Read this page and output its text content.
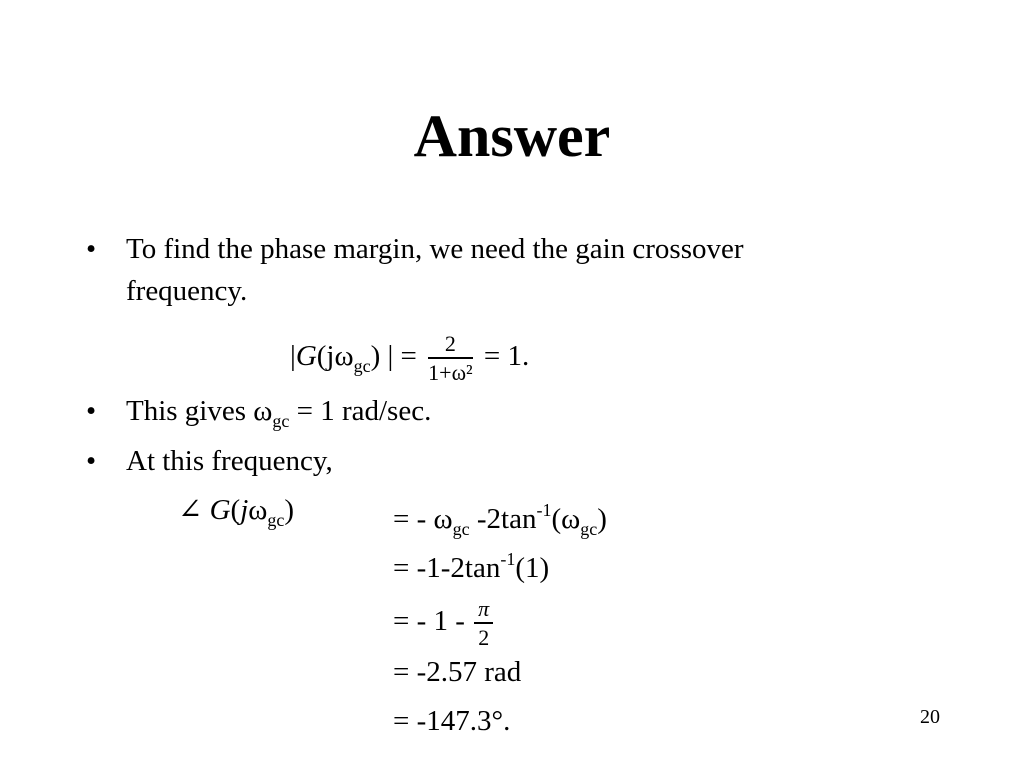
Answer
• To find the phase margin, we need the gain crossover
frequency.
$|G(j\omega_{gc})$ | = $\frac{2}{\text{1+ω²}} = 1$.
• This gives $\omega_{gc} = 1$ rad/sec.
• At this frequency,
∠ $G(j\omega_{gc})$	= - $\omega_{gc}$ $-2\tan^{-1}(\omega_{gc})$
= $-1-2\tan^{-1}(1)$
= - $1 - \frac{\pi}{2}$
= -2.57 rad
= -147.3°.	20
